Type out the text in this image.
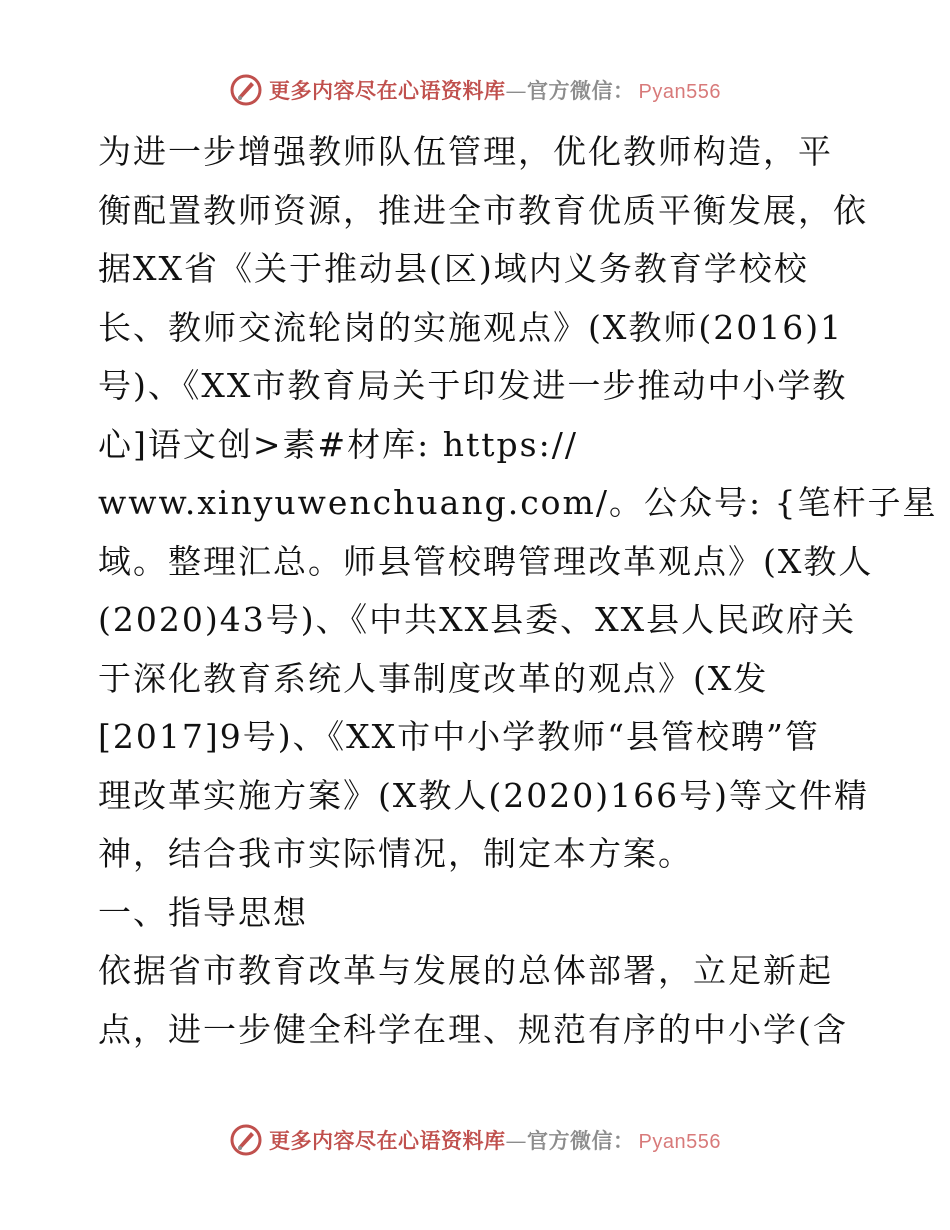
更多内容尽在心语资料库 — 官方微信： Pyan556
为进一步增强教师队伍管理，优化教师构造，平
衡配置教师资源，推进全市教育优质平衡发展，依
据XX省《关于推动县(区)域内义务教育学校校
长、教师交流轮岗的实施观点》(X教师(2016)1
号)、《XX市教育局关于印发进一步推动中小学教
心]语文创>素#材库: https://
www.xinyuwenchuang.com/。公众号: {笔杆子星
域。整理汇总。师县管校聘管理改革观点》(X教人
(2020)43号)、《中共XX县委、XX县人民政府关
于深化教育系统人事制度改革的观点》(X发
[2017]9号)、《XX市中小学教师“县管校聘”管
理改革实施方案》(X教人(2020)166号)等文件精
神，结合我市实际情况，制定本方案。
一、指导思想
依据省市教育改革与发展的总体部署，立足新起
点，进一步健全科学在理、规范有序的中小学(含
更多内容尽在心语资料库 — 官方微信： Pyan556
